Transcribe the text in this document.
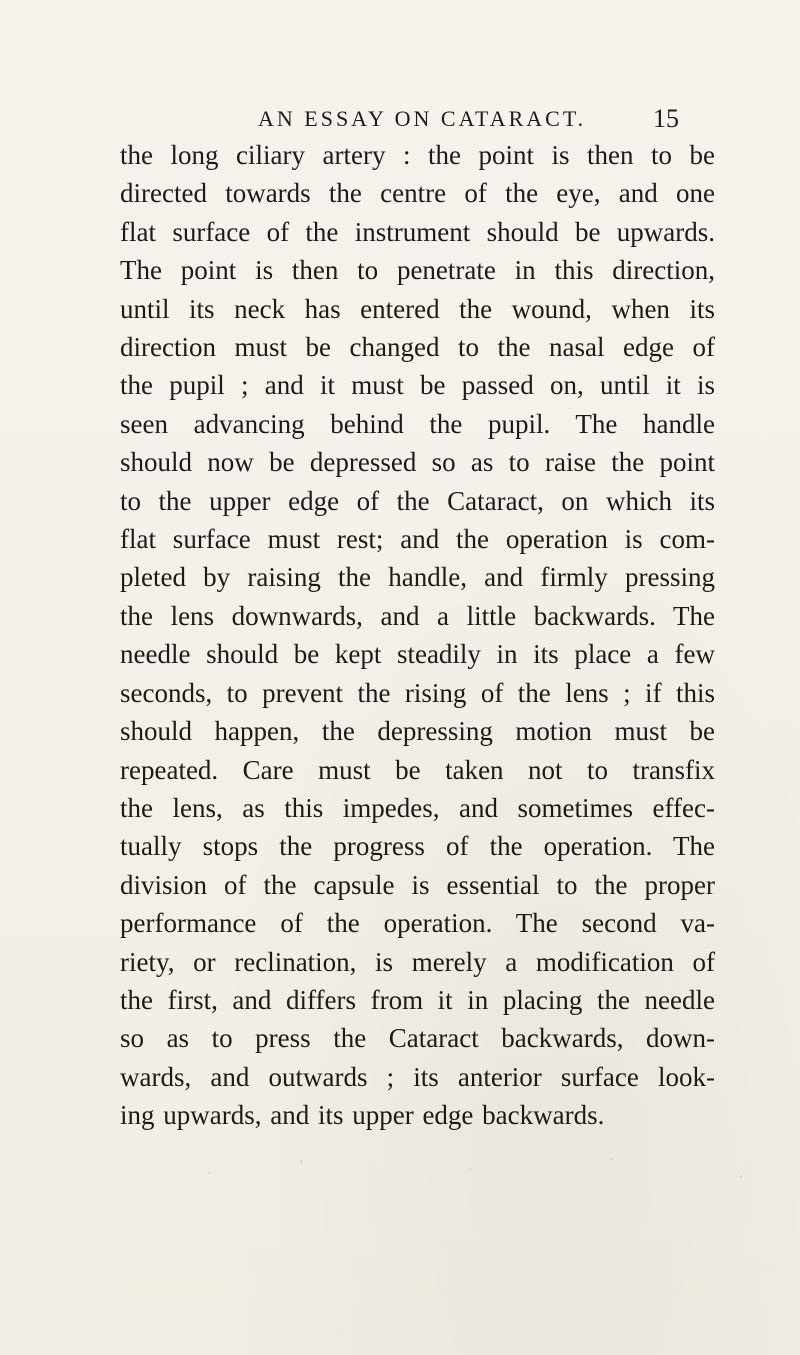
AN ESSAY ON CATARACT.	15
the long ciliary artery : the point is then to be
directed towards the centre of the eye, and one
flat surface of the instrument should be upwards.
The point is then to penetrate in this direction,
until its neck has entered the wound, when its
direction must be changed to the nasal edge of
the pupil ; and it must be passed on, until it is
seen advancing behind the pupil. The handle
should now be depressed so as to raise the point
to the upper edge of the Cataract, on which its
flat surface must rest; and the operation is com-
pleted by raising the handle, and firmly pressing
the lens downwards, and a little backwards. The
needle should be kept steadily in its place a few
seconds, to prevent the rising of the lens ; if this
should happen, the depressing motion must be
repeated. Care must be taken not to transfix
the lens, as this impedes, and sometimes effec-
tually stops the progress of the operation. The
division of the capsule is essential to the proper
performance of the operation. The second va-
riety, or reclination, is merely a modification of
the first, and differs from it in placing the needle
so as to press the Cataract backwards, down-
wards, and outwards ; its anterior surface look-
ing upwards, and its upper edge backwards.
